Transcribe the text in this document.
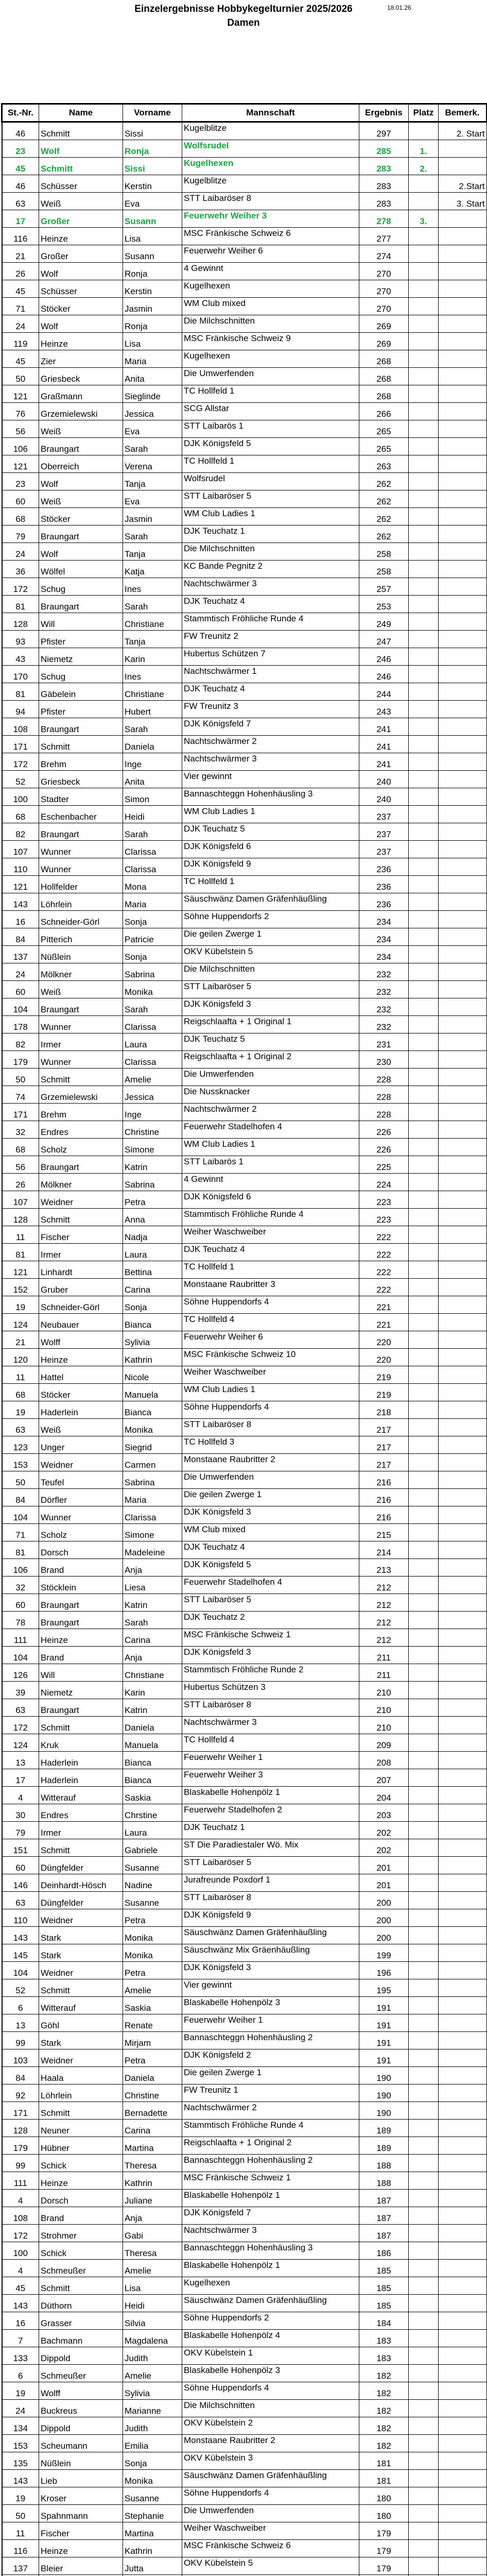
Einzelergebnisse Hobbykegelturnier 2025/2026	18.01.26
Damen
St.-Nr.	Name	Vorname	Mannschaft	Ergebnis	Platz	Bemerk.
46	Schmitt	Sissi	Kugelblitze	297		2. Start
23	Wolf	Ronja	Wolfsrudel	285	1.	
45	Schmitt	Sissi	Kugelhexen	283	2.	
46	Schüsser	Kerstin	Kugelblitze	283		2.Start
63	Weiß	Eva	STT Laibaröser 8	283		3. Start
17	Großer	Susann	Feuerwehr Weiher 3	278	3.	
116	Heinze	Lisa	MSC Fränkische Schweiz 6	277		
21	Großer	Susann	Feuerwehr Weiher 6	274		
26	Wolf	Ronja	4 Gewinnt	270		
45	Schüsser	Kerstin	Kugelhexen	270		
71	Stöcker	Jasmin	WM Club mixed	270		
24	Wolf	Ronja	Die Milchschnitten	269		
119	Heinze	Lisa	MSC Fränkische Schweiz 9	269		
45	Zier	Maria	Kugelhexen	268		
50	Griesbeck	Anita	Die Umwerfenden	268		
121	Graßmann	Sieglinde	TC Hollfeld 1	268		
76	Grzemielewski	Jessica	SCG Allstar	266		
56	Weiß	Eva	STT Laibarös 1	265		
106	Braungart	Sarah	DJK Königsfeld 5	265		
121	Oberreich	Verena	TC Hollfeld 1	263		
23	Wolf	Tanja	Wolfsrudel	262		
60	Weiß	Eva	STT Laibaröser 5	262		
68	Stöcker	Jasmin	WM Club Ladies 1	262		
79	Braungart	Sarah	DJK Teuchatz 1	262		
24	Wolf	Tanja	Die Milchschnitten	258		
36	Wölfel	Katja	KC Bande Pegnitz 2	258		
172	Schug	Ines	Nachtschwärmer 3	257		
81	Braungart	Sarah	DJK Teuchatz 4	253		
128	Will	Christiane	Stammtisch Fröhliche Runde 4	249		
93	Pfister	Tanja	FW Treunitz 2	247		
43	Niemetz	Karin	Hubertus Schützen 7	246		
170	Schug	Ines	Nachtschwärmer 1	246		
81	Gäbelein	Christiane	DJK Teuchatz 4	244		
94	Pfister	Hubert	FW Treunitz 3	243		
108	Braungart	Sarah	DJK Königsfeld 7	241		
171	Schmitt	Daniela	Nachtschwärmer 2	241		
172	Brehm	Inge	Nachtschwärmer 3	241		
52	Griesbeck	Anita	Vier gewinnt	240		
100	Stadter	Simon	Bannaschteggn Hohenhäusling 3	240		
68	Eschenbacher	Heidi	WM Club Ladies 1	237		
82	Braungart	Sarah	DJK Teuchatz 5	237		
107	Wunner	Clarissa	DJK Königsfeld 6	237		
110	Wunner	Clarissa	DJK Königsfeld 9	236		
121	Hollfelder	Mona	TC Hollfeld 1	236		
143	Löhrlein	Maria	Säuschwänz Damen Gräfenhäußling	236		
16	Schneider-Görl	Sonja	Söhne Huppendorfs 2	234		
84	Pitterich	Patricie	Die geilen Zwerge 1	234		
137	Nüßlein	Sonja	OKV Kübelstein 5	234		
24	Mölkner	Sabrina	Die Milchschnitten	232		
60	Weiß	Monika	STT Laibaröser 5	232		
104	Braungart	Sarah	DJK Königsfeld 3	232		
178	Wunner	Clarissa	Reigschlaafta + 1 Original 1	232		
82	Irmer	Laura	DJK Teuchatz 5	231		
179	Wunner	Clarissa	Reigschlaafta + 1 Original 2	230		
50	Schmitt	Amelie	Die Umwerfenden	228		
74	Grzemielewski	Jessica	Die Nussknacker	228		
171	Brehm	Inge	Nachtschwärmer 2	228		
32	Endres	Christine	Feuerwehr Stadelhofen 4	226		
68	Scholz	Simone	WM Club Ladies 1	226		
56	Braungart	Katrin	STT Laibarös 1	225		
26	Mölkner	Sabrina	4 Gewinnt	224		
107	Weidner	Petra	DJK Königsfeld 6	223		
128	Schmitt	Anna	Stammtisch Fröhliche Runde 4	223		
11	Fischer	Nadja	Weiher Waschweiber	222		
81	Irmer	Laura	DJK Teuchatz 4	222		
121	Linhardt	Bettina	TC Hollfeld 1	222		
152	Gruber	Carina	Monstaane Raubritter 3	222		
19	Schneider-Görl	Sonja	Söhne Huppendorfs 4	221		
124	Neubauer	Bianca	TC Hollfeld 4	221		
21	Wolff	Sylivia	Feuerwehr Weiher 6	220		
120	Heinze	Kathrin	MSC Fränkische Schweiz 10	220		
11	Hattel	Nicole	Weiher Waschweiber	219		
68	Stöcker	Manuela	WM Club Ladies 1	219		
19	Haderlein	Bianca	Söhne Huppendorfs 4	218		
63	Weiß	Monika	STT Laibaröser 8	217		
123	Unger	Siegrid	TC Hollfeld 3	217		
153	Weidner	Carmen	Monstaane Raubritter 2	217		
50	Teufel	Sabrina	Die Umwerfenden	216		
84	Dörfler	Maria	Die geilen Zwerge 1	216		
104	Wunner	Clarissa	DJK Königsfeld 3	216		
71	Scholz	Simone	WM Club mixed	215		
81	Dorsch	Madeleine	DJK Teuchatz 4	214		
106	Brand	Anja	DJK Königsfeld 5	213		
32	Stöcklein	Liesa	Feuerwehr Stadelhofen 4	212		
60	Braungart	Katrin	STT Laibaröser 5	212		
78	Braungart	Sarah	DJK Teuchatz 2	212		
111	Heinze	Carina	MSC Fränkische Schweiz 1	212		
104	Brand	Anja	DJK Königsfeld 3	211		
126	Will	Christiane	Stammtisch Fröhliche Runde 2	211		
39	Niemetz	Karin	Hubertus Schützen 3	210		
63	Braungart	Katrin	STT Laibaröser 8	210		
172	Schmitt	Daniela	Nachtschwärmer 3	210		
124	Kruk	Manuela	TC Hollfeld 4	209		
13	Haderlein	Bianca	Feuerwehr Weiher 1	208		
17	Haderlein	Bianca	Feuerwehr Weiher 3	207		
4	Witterauf	Saskia	Blaskabelle Hohenpölz 1	204		
30	Endres	Chrstine	Feuerwehr Stadelhofen 2	203		
79	Irmer	Laura	DJK Teuchatz 1	202		
151	Schmitt	Gabriele	ST Die Paradiestaler Wö. Mix	202		
60	Düngfelder	Susanne	STT Laibaröser 5	201		
146	Deinhardt-Hösch	Nadine	Jurafreunde Poxdorf 1	201		
63	Düngfelder	Susanne	STT Laibaröser 8	200		
110	Weidner	Petra	DJK Königsfeld 9	200		
143	Stark	Monika	Säuschwänz Damen Gräfenhäußling	200		
145	Stark	Monika	Säuschwänz Mix Gräenhäußling	199		
104	Weidner	Petra	DJK Königsfeld 3	196		
52	Schmitt	Amelie	Vier gewinnt	195		
6	Witterauf	Saskia	Blaskabelle Hohenpölz 3	191		
13	Göhl	Renate	Feuerwehr Weiher 1	191		
99	Stark	Mirjam	Bannaschteggn Hohenhäusling 2	191		
103	Weidner	Petra	DJK Königsfeld 2	191		
84	Haala	Daniela	Die geilen Zwerge 1	190		
92	Löhrlein	Christine	FW Treunitz 1	190		
171	Schmitt	Bernadette	Nachtschwärmer 2	190		
128	Neuner	Carina	Stammtisch Fröhliche Runde 4	189		
179	Hübner	Martina	Reigschlaafta + 1 Original 2	189		
99	Schick	Theresa	Bannaschteggn Hohenhäusling 2	188		
111	Heinze	Kathrin	MSC Fränkische Schweiz 1	188		
4	Dorsch	Juliane	Blaskabelle Hohenpölz 1	187		
108	Brand	Anja	DJK Königsfeld 7	187		
172	Strohmer	Gabi	Nachtschwärmer 3	187		
100	Schick	Theresa	Bannaschteggn Hohenhäusling 3	186		
4	Schmeußer	Amelie	Blaskabelle Hohenpölz 1	185		
45	Schmitt	Lisa	Kugelhexen	185		
143	Düthorn	Heidi	Säuschwänz Damen Gräfenhäußling	185		
16	Grasser	Silvia	Söhne Huppendorfs 2	184		
7	Bachmann	Magdalena	Blaskabelle Hohenpölz 4	183		
133	Dippold	Judith	OKV Kübelstein 1	183		
6	Schmeußer	Amelie	Blaskabelle Hohenpölz 3	182		
19	Wolff	Sylivia	Söhne Huppendorfs 4	182		
24	Buckreus	Marianne	Die Milchschnitten	182		
134	Dippold	Judith	OKV Kübelstein 2	182		
153	Scheumann	Emilia	Monstaane Raubritter 2	182		
135	Nüßlein	Sonja	OKV Kübelstein 3	181		
143	Lieb	Monika	Säuschwänz Damen Gräfenhäußling	181		
19	Kroser	Susanne	Söhne Huppendorfs 4	180		
50	Spahnmann	Stephanie	Die Umwerfenden	180		
11	Fischer	Martina	Weiher Waschweiber	179		
116	Heinze	Kathrin	MSC Fränkische Schweiz 6	179		
137	Bleier	Jutta	OKV Kübelstein 5	179		
